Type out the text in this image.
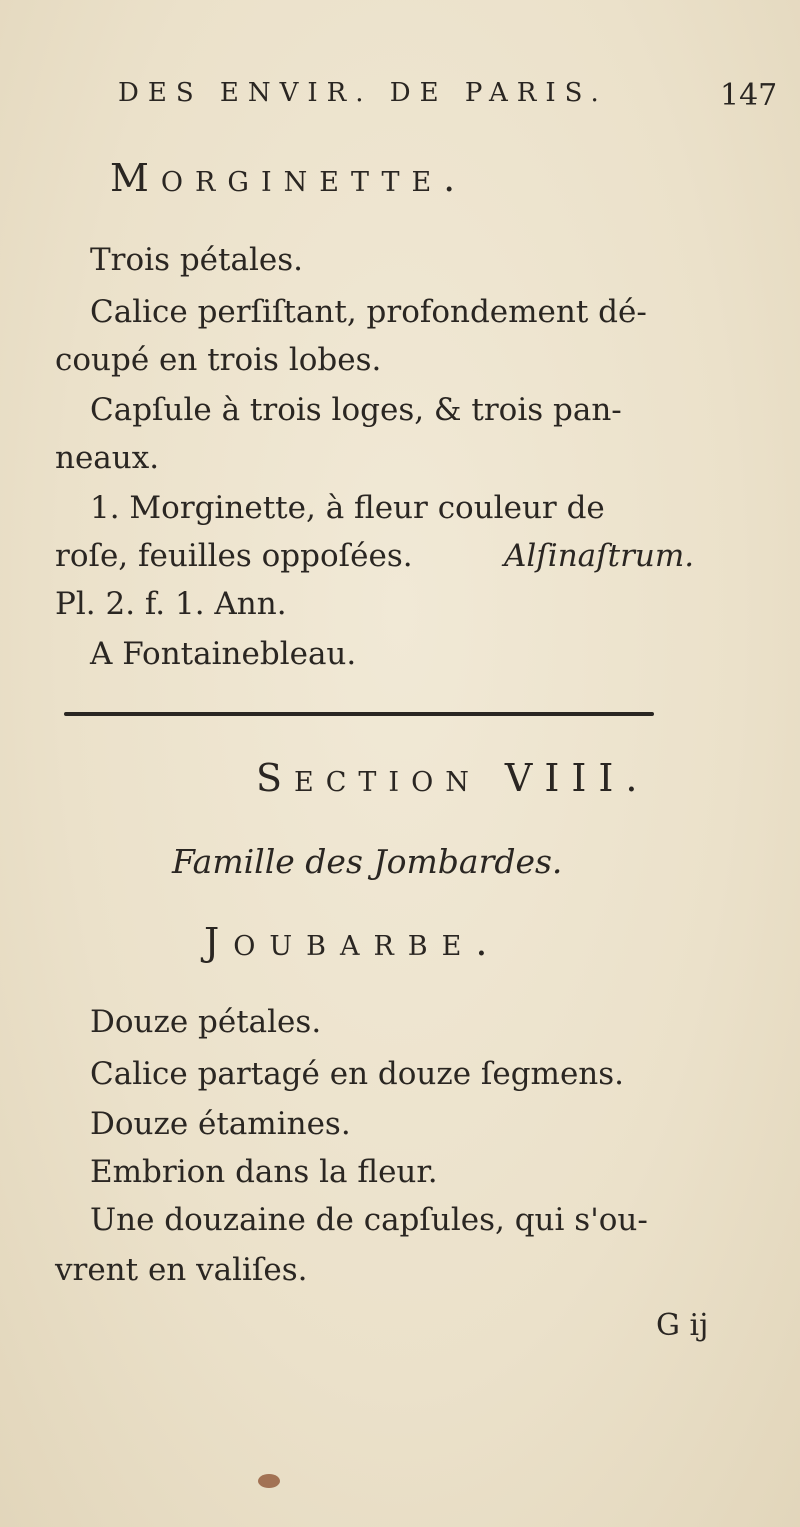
DES ENVIR. DE PARIS.	147
Morginette.
Trois pétales.
Calice perſiſtant, profondement dé-
coupé en trois lobes.
Capſule à trois loges, & trois pan-
neaux.
1. Morginette, à fleur couleur de
roſe, feuilles oppoſées.	Alſinaſtrum.
Pl. 2. f. 1. Ann.
A Fontainebleau.
Section VIII.
Famille des Jombardes.
Joubarbe.
Douze pétales.
Calice partagé en douze ſegmens.
Douze étamines.
Embrion dans la fleur.
Une douzaine de capſules, qui s'ou-
vrent en valiſes.
G ij
